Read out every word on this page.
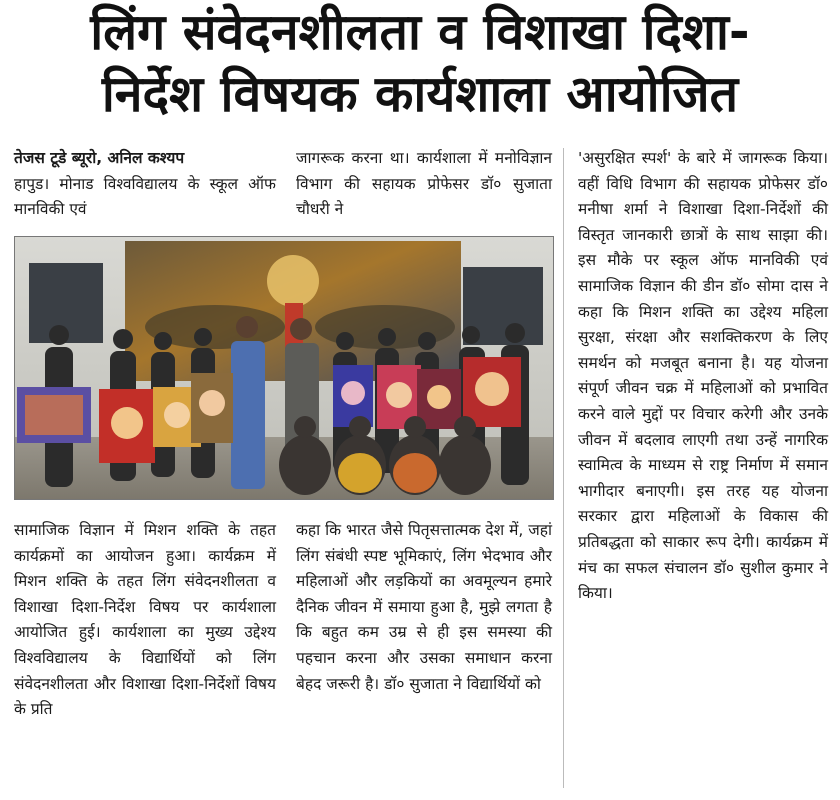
लिंग संवेदनशीलता व विशाखा दिशा-
निर्देश विषयक कार्यशाला आयोजित

तेजस टूडे ब्यूरो, अनिल कश्यप

हापुड। मोनाड विश्वविद्यालय के स्कूल ऑफ मानविकी एवं

जागरूक करना था। कार्यशाला में मनोविज्ञान विभाग की सहायक प्रोफेसर डॉ० सुजाता चौधरी ने

सामाजिक विज्ञान में मिशन शक्ति के तहत कार्यक्रमों का आयोजन हुआ। कार्यक्रम में मिशन शक्ति के तहत लिंग संवेदनशीलता व विशाखा दिशा-निर्देश विषय पर कार्यशाला आयोजित हुई। कार्यशाला का मुख्य उद्देश्य विश्वविद्यालय के विद्यार्थियों को लिंग संवेदनशीलता और विशाखा दिशा-निर्देशों विषय के प्रति

कहा कि भारत जैसे पितृसत्तात्मक देश में, जहां लिंग संबंधी स्पष्ट भूमिकाएं, लिंग भेदभाव और महिलाओं और लड़कियों का अवमूल्यन हमारे दैनिक जीवन में समाया हुआ है, मुझे लगता है कि बहुत कम उम्र से ही इस समस्या की पहचान करना और उसका समाधान करना बेहद जरूरी है। डॉ० सुजाता ने विद्यार्थियों को

'असुरक्षित स्पर्श' के बारे में जागरूक किया। वहीं विधि विभाग की सहायक प्रोफेसर डॉ० मनीषा शर्मा ने विशाखा दिशा-निर्देशों की विस्तृत जानकारी छात्रों के साथ साझा की। इस मौके पर स्कूल ऑफ मानविकी एवं सामाजिक विज्ञान की डीन डॉ० सोमा दास ने कहा कि मिशन शक्ति का उद्देश्य महिला सुरक्षा, संरक्षा और सशक्तिकरण के लिए समर्थन को मजबूत बनाना है। यह योजना संपूर्ण जीवन चक्र में महिलाओं को प्रभावित करने वाले मुद्दों पर विचार करेगी और उनके जीवन में बदलाव लाएगी तथा उन्हें नागरिक स्वामित्व के माध्यम से राष्ट्र निर्माण में समान भागीदार बनाएगी। इस तरह यह योजना सरकार द्वारा महिलाओं के विकास की प्रतिबद्धता को साकार रूप देगी। कार्यक्रम में मंच का सफल संचालन डॉ० सुशील कुमार ने किया।
